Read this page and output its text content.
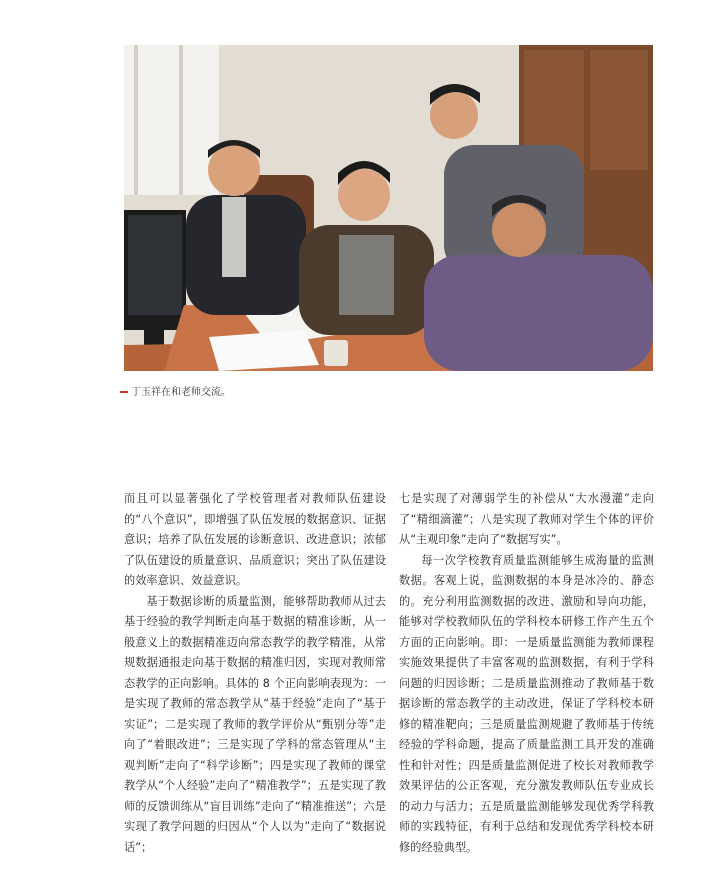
丁玉祥在和老师交流。

而且可以显著强化了学校管理者对教师队伍建设的“八个意识”，即增强了队伍发展的数据意识、证据意识；培养了队伍发展的诊断意识、改进意识；浓郁了队伍建设的质量意识、品质意识；突出了队伍建设的效率意识、效益意识。

基于数据诊断的质量监测，能够帮助教师从过去基于经验的教学判断走向基于数据的精准诊断，从一般意义上的数据精准迈向常态教学的教学精准，从常规数据通报走向基于数据的精准归因，实现对教师常态教学的正向影响。具体的 8 个正向影响表现为：一是实现了教师的常态教学从“基于经验”走向了“基于实证”；二是实现了教师的教学评价从“甄别分等”走向了“着眼改进”；三是实现了学科的常态管理从“主观判断”走向了“科学诊断”；四是实现了教师的课堂教学从“个人经验”走向了“精准教学”；五是实现了教师的反馈训练从“盲目训练”走向了“精准推送”；六是实现了教学问题的归因从“个人以为”走向了“数据说话”；

七是实现了对薄弱学生的补偿从“大水漫灌”走向了“精细滴灌”；八是实现了教师对学生个体的评价从“主观印象”走向了“数据写实”。

每一次学校教育质量监测能够生成海量的监测数据。客观上说，监测数据的本身是冰冷的、静态的。充分利用监测数据的改进、激励和导向功能，能够对学校教师队伍的学科校本研修工作产生五个方面的正向影响。即：一是质量监测能为教师课程实施效果提供了丰富客观的监测数据，有利于学科问题的归因诊断；二是质量监测推动了教师基于数据诊断的常态教学的主动改进，保证了学科校本研修的精准靶向；三是质量监测规避了教师基于传统经验的学科命题，提高了质量监测工具开发的准确性和针对性；四是质量监测促进了校长对教师教学效果评估的公正客观，充分激发教师队伍专业成长的动力与活力；五是质量监测能够发现优秀学科教师的实践特征，有利于总结和发现优秀学科校本研修的经验典型。
